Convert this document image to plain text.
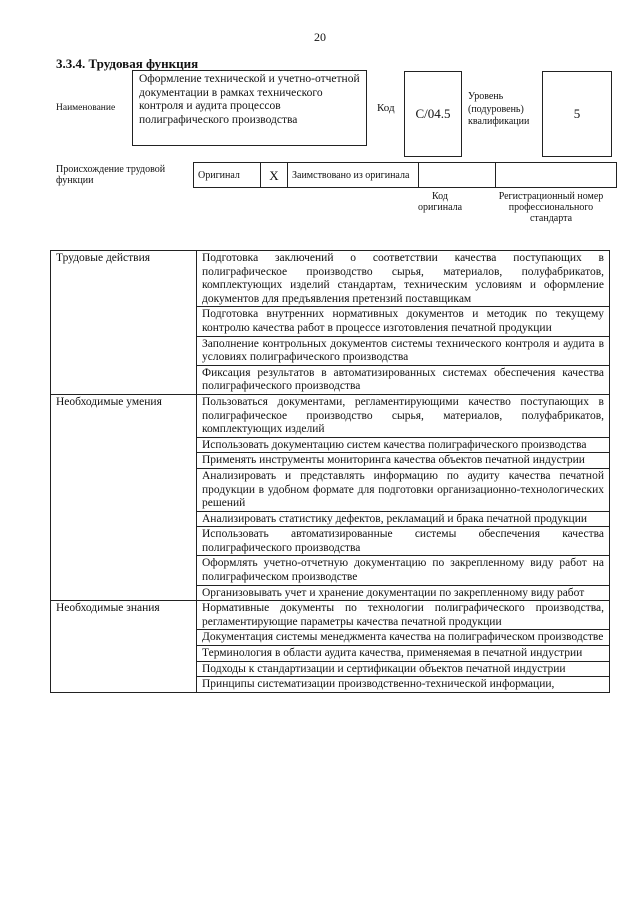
20
3.3.4. Трудовая функция
Наименование
Оформление технической и учетно-отчетной документации в рамках технического контроля и аудита процессов полиграфического производства
Код	С/04.5
Уровень (подуровень) квалификации
5
Происхождение трудовой функции	Оригинал	X	Заимствовано из оригинала		
Код оригинала
Регистрационный номер профессионального стандарта
Трудовые действия	Подготовка заключений о соответствии качества поступающих в полиграфическое производство сырья, материалов, полуфабрикатов, комплектующих изделий стандартам, техническим условиям и оформление документов для предъявления претензий поставщикам
	Подготовка внутренних нормативных документов и методик по текущему контролю качества работ в процессе изготовления печатной продукции
	Заполнение контрольных документов системы технического контроля и аудита в условиях полиграфического производства
	Фиксация результатов в автоматизированных системах обеспечения качества полиграфического производства
Необходимые умения	Пользоваться документами, регламентирующими качество поступающих в полиграфическое производство сырья, материалов, полуфабрикатов, комплектующих изделий
	Использовать документацию систем качества полиграфического производства
	Применять инструменты мониторинга качества объектов печатной индустрии
	Анализировать и представлять информацию по аудиту качества печатной продукции в удобном формате для подготовки организационно-технологических решений
	Анализировать статистику дефектов, рекламаций и брака печатной продукции
	Использовать автоматизированные системы обеспечения качества полиграфического производства
	Оформлять учетно-отчетную документацию по закрепленному виду работ на полиграфическом производстве
	Организовывать учет и хранение документации по закрепленному виду работ
Необходимые знания	Нормативные документы по технологии полиграфического производства, регламентирующие параметры качества печатной продукции
	Документация системы менеджмента качества на полиграфическом производстве
	Терминология в области аудита качества, применяемая в печатной индустрии
	Подходы к стандартизации и сертификации объектов печатной индустрии
	Принципы систематизации производственно-технической информации,
